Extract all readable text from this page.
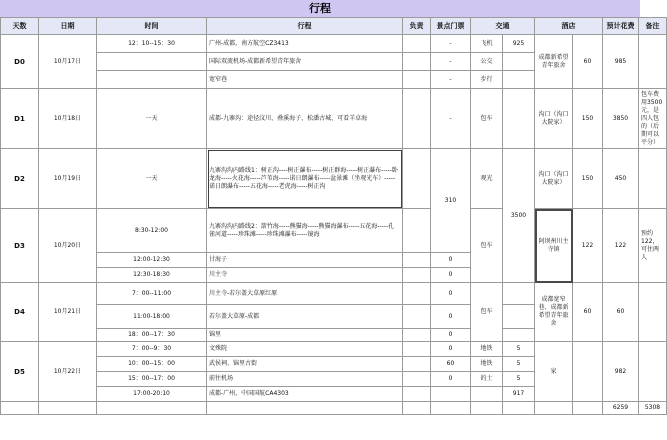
行程
天数	日期	时间	行程	负责	景点门票	交通		酒店		预计花费	备注
D0	10月17日	12：10--15：30	广州-成都，南方航空CZ3413		-	飞机	925	成都新希望青年旅舍	60	985	
			国际双流机场-成都新希望青年旅舍		-	公交					
			宽窄巷		-	步行					
D1	10月18日	一天	成都-九寨沟：途径汶川、叠溪海子、松潘古城、可看羊卓海		-	包车		沟口（沟口大院家）	150	3850	包车费用3500元，是四人包的（后期可以平分）
D2	10月19日	一天	九寨沟沟内路线1：树正沟----树正瀑布-----树正群海-----树正瀑布-----卧龙海-----火花海-----芦苇海-----诺日朗瀑布-----盆景滩（坐观光车）-----诺日朗瀑布-----五花海-----老虎海-----树正沟		310	观光	3500	沟口（沟口大院家）	150	450	
D3	10月20日	8:30-12:00	九寨沟沟内路线2：箭竹海-----熊猫海-----熊猫海瀑布-----五花海-----孔雀河道-----珍珠滩-----珍珠滩瀑布-----镜海			包车		阿坝州川主寺镇	122	122	预约122，可住两人
		12:00-12:30	甘海子		0						
		12:30-18:30	川主寺		0						
D4	10月21日	7：00--11:00	川主寺-若尔盖大草原红原		0	包车		成都宽窄巷、成都新希望青年旅舍	60	60	
		11:00-18:00	若尔盖大草原-成都		0						
		18：00--17：30	锦里		0						
D5	10月22日	7：00--9：30	文殊院		0	地铁	5	家		982	
		10：00--15：00	武侯祠、锦里古街		60	地铁	5				
		15：00--17：00	前往机场		0	的士	5				
		17:00-20:10	成都-广州，中国国航CA4303				917				
										6259	5308
